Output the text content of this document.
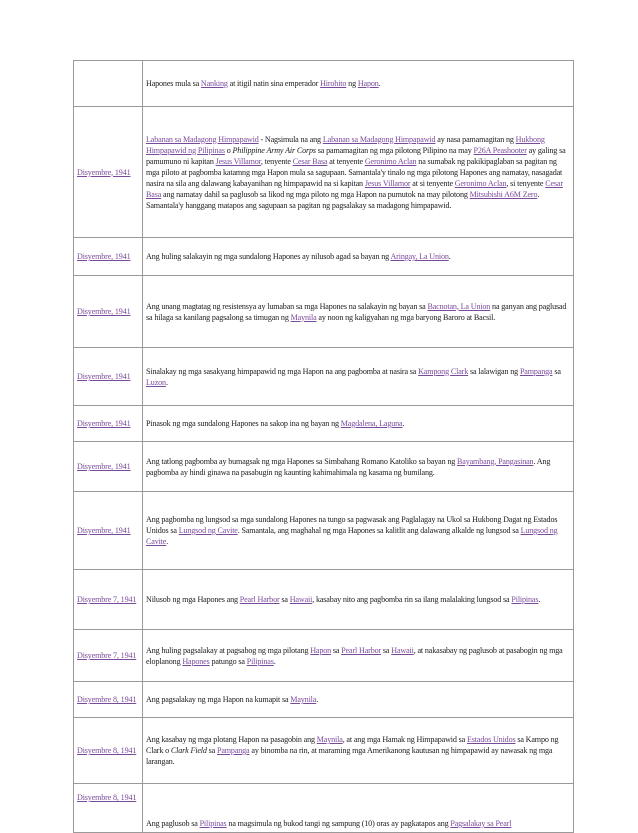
	Hapones mula sa Nanking at itigil natin sina emperador Hirohito ng Hapon.
Disyembre, 1941	Labanan sa Madagong Himpapawid - Nagsimula na ang Labanan sa Madagong Himpapawid ay nasa pamamagitan ng Hukbong Himpapawid ng Pilipinas o Philippine Army Air Corps sa pamamagitan ng mga pilotong Pilipino na may P26A Peashooter ay galing sa pamumuno ni kapitan Jesus Villamor, tenyente Cesar Basa at tenyente Geronimo Aclan na sumabak ng pakikipaglaban sa pagitan ng mga piloto at pagbomba katamng mga Hapon mula sa sagupaan. Samantala'y tinalo ng mga pilotong Hapones ang namatay, nasagadat nasira na sila ang dalawang kabayanihan ng himpapawid na si kapitan Jesus Villamor at si tenyente Geronimo Aclan, si tenyente Cesar Basa ang namatay dahil sa paglusob sa likod ng mga piloto ng mga Hapon na pumutok na may pilotong Mitsubishi A6M Zero. Samantala'y hanggang matapos ang sagupaan sa pagitan ng pagsalakay sa madagong himpapawid.
Disyembre, 1941	Ang huling salakayin ng mga sundalong Hapones ay nilusob agad sa bayan ng Aringay, La Union.
Disyembre, 1941	Ang unang magtatag ng resistensya ay lumaban sa mga Hapones na salakayin ng bayan sa Bacnotan, La Union na ganyan ang paglusad sa hilaga sa kanilang pagsalong sa timugan ng Maynila ay noon ng kaligyahan ng mga baryong Baroro at Bacsil.
Disyembre, 1941	Sinalakay ng mga sasakyang himpapawid ng mga Hapon na ang pagbomba at nasira sa Kampong Clark sa lalawigan ng Pampanga sa Luzon.
Disyembre, 1941	Pinasok ng mga sundalong Hapones na sakop ina ng bayan ng Magdalena, Laguna.
Disyembre, 1941	Ang tatlong pagbomba ay bumagsak ng mga Hapones sa Simbahang Romano Katoliko sa bayan ng Bayambang, Pangasinan. Ang pagbomba ay hindi ginawa na pasabugin ng kaunting kahimahimala ng kasama ng bumilang.
Disyembre, 1941	Ang pagbomba ng lungsod sa mga sundalong Hapones na tungo sa pagwasak ang Paglalagay na Ukol sa Hukbong Dagat ng Estados Unidos sa Lungsod ng Cavite. Samantala, ang maghahal ng mga Hapones sa kalitlit ang dalawang alkalde ng lungsod sa Lungsod ng Cavite.
Disyembre 7, 1941	Nilusob ng mga Hapones ang Pearl Harbor sa Hawaii, kasabay nito ang pagbomba rin sa ilang malalaking lungsod sa Pilipinas.
Disyembre 7, 1941	Ang huling pagsalakay at pagsabog ng mga pilotang Hapon sa Pearl Harbor sa Hawaii, at nakasabay ng paglusob at pasabogin ng mga eloplanong Hapones patungo sa Pilipinas.
Disyembre 8, 1941	Ang pagsalakay ng mga Hapon na kumapit sa Maynila.
Disyembre 8, 1941	Ang kasabay ng mga plotang Hapon na pasagobin ang Maynila, at ang mga Hamak ng Himpapawid sa Estados Unidos sa Kampo ng Clark o Clark Field sa Pampanga ay binomba na rin, at maraming mga Amerikanong kautusan ng himpapawid ay nawasak ng mga larangan.
Disyembre 8, 1941	Ang paglusob sa Pilipinas na magsimula ng bukod tangi ng sampung (10) oras ay pagkatapos ang Pagsalakay sa Pearl
